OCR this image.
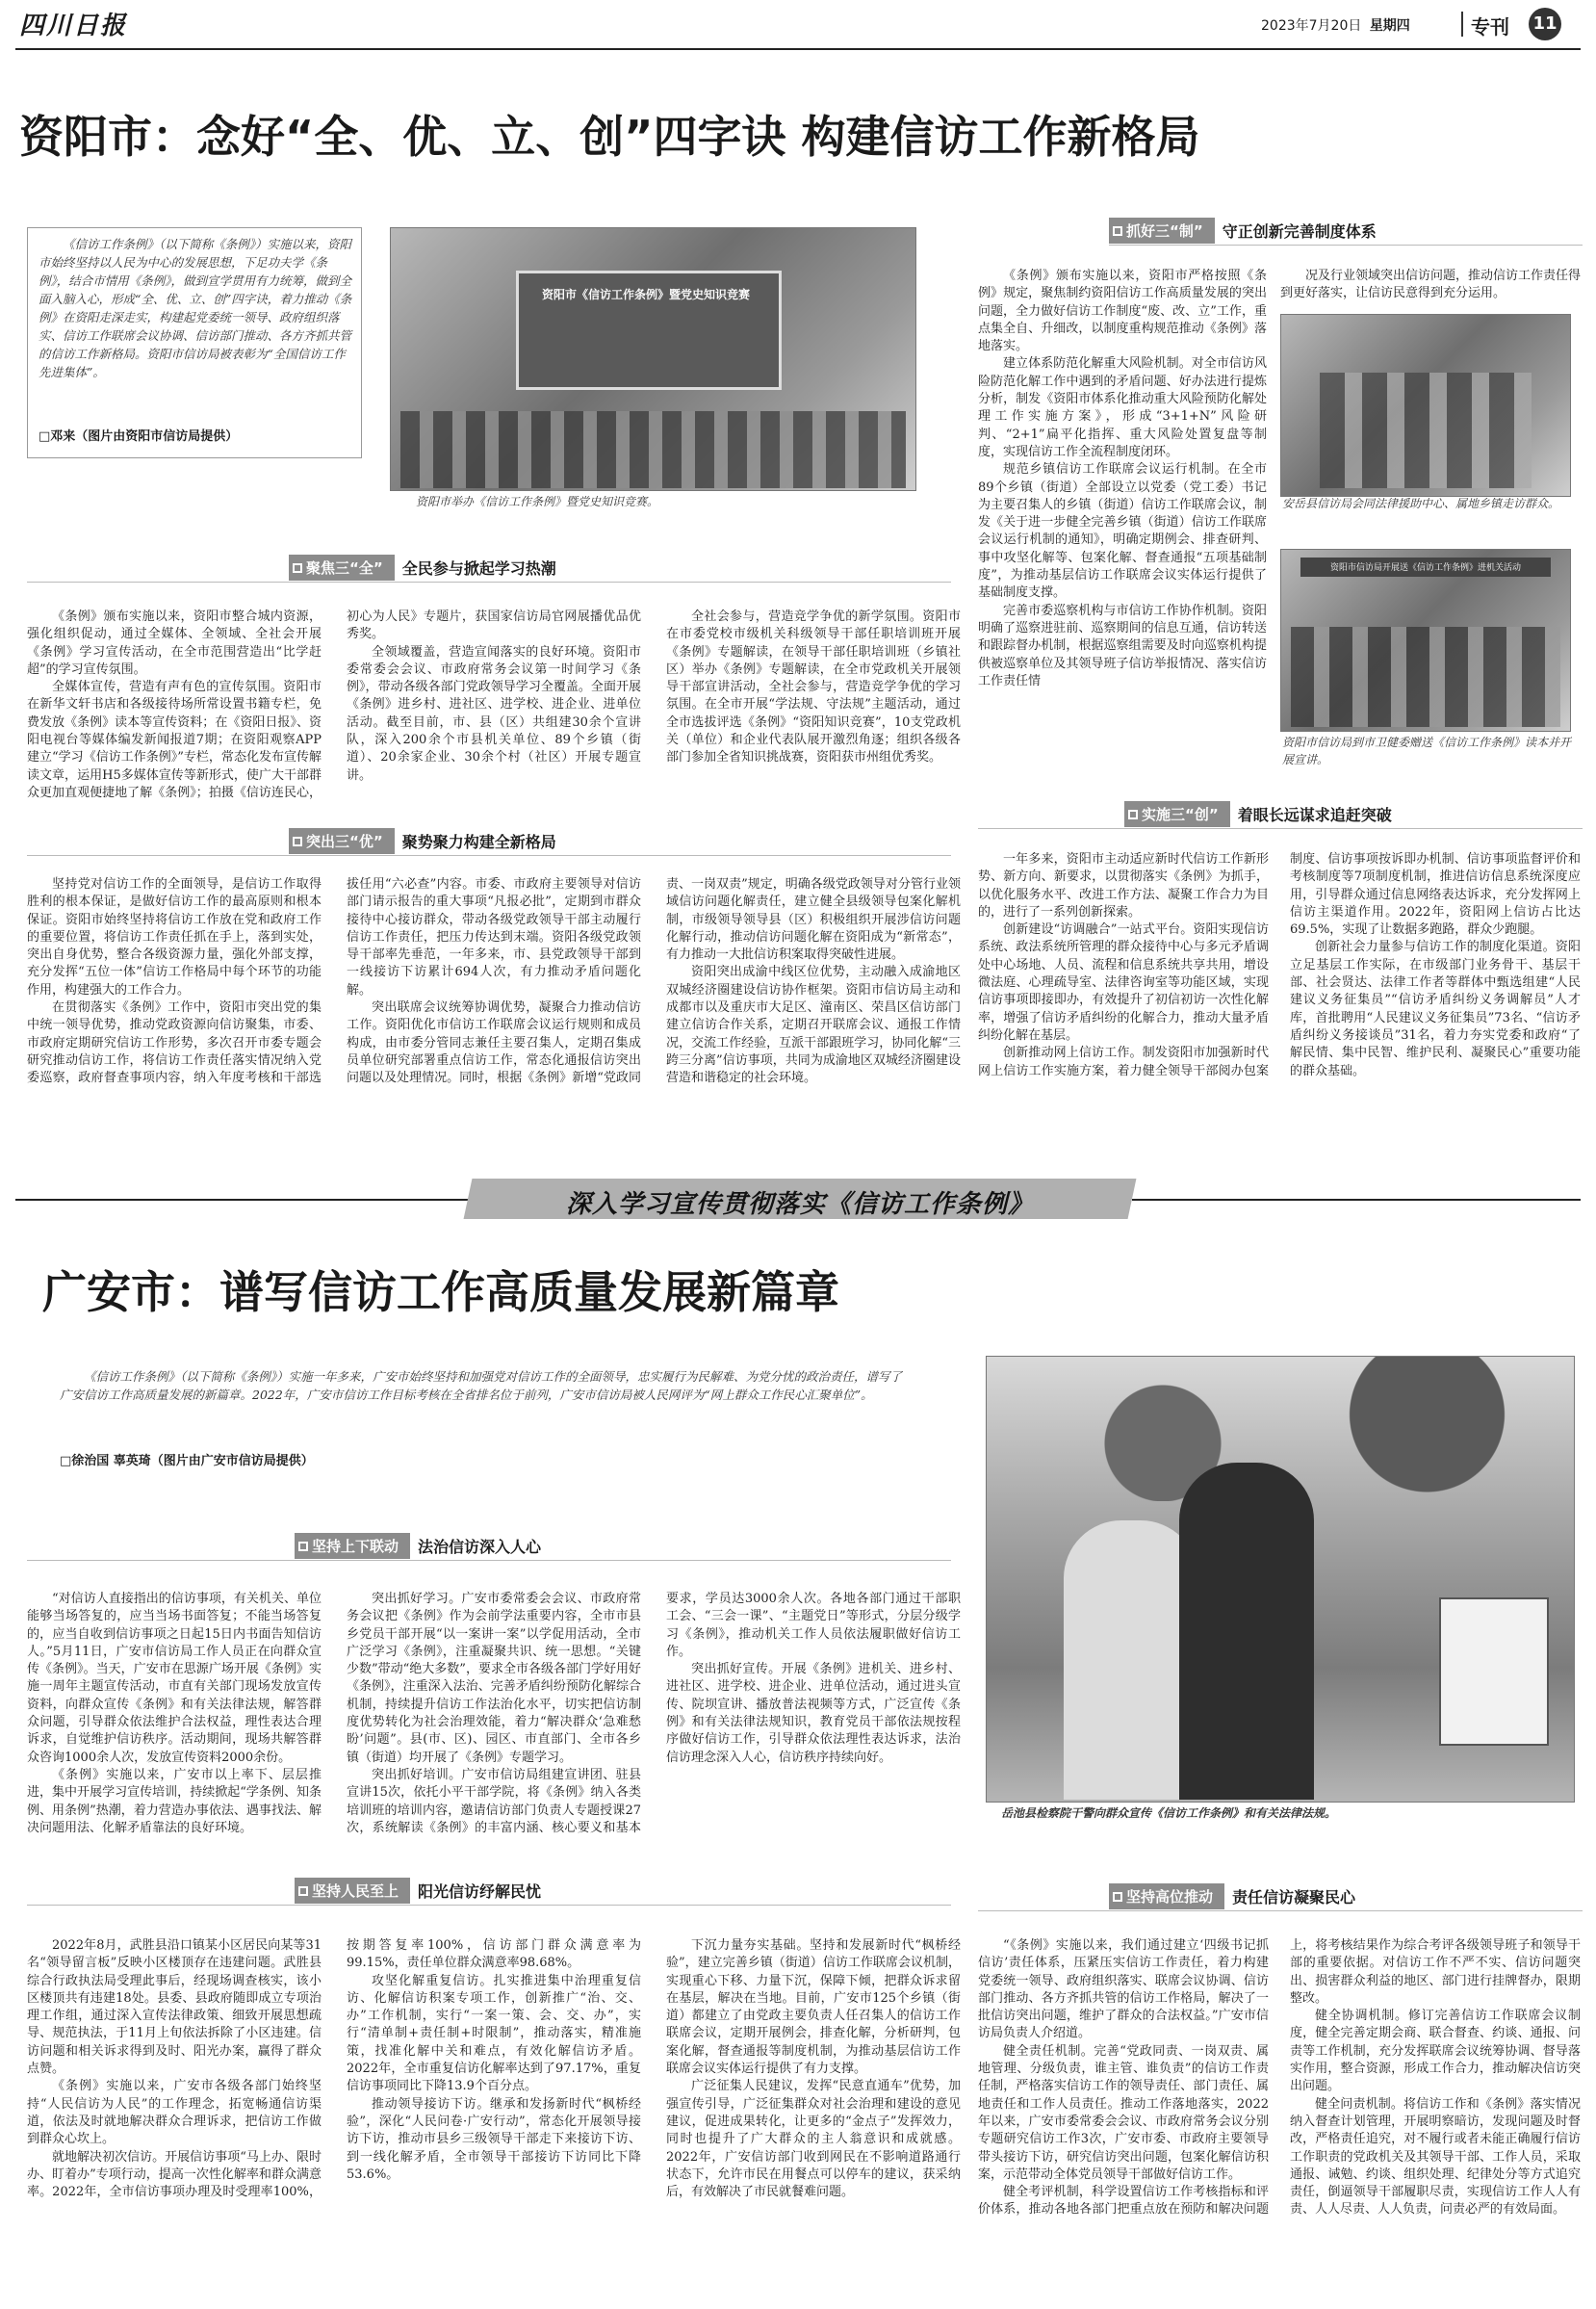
四川日报	2023年7月20日 星期四	专刊 11
资阳市：念好“全、优、立、创”四字诀 构建信访工作新格局

《信访工作条例》（以下简称《条例》）实施以来，资阳市始终坚持以人民为中心的发展思想，下足功夫学《条例》，结合市情用《条例》，做到宣学贯用有力统筹，做到全面入脑入心，形成“全、优、立、创”四字诀，着力推动《条例》在资阳走深走实，构建起党委统一领导、政府组织落实、信访工作联席会议协调、信访部门推动、各方齐抓共管的信访工作新格局。资阳市信访局被表彰为“全国信访工作先进集体”。

□邓来（图片由资阳市信访局提供）
资阳市《信访工作条例》暨党史知识竞赛
资阳市举办《信访工作条例》暨党史知识竞赛。
抓好三“制”	守正创新完善制度体系

《条例》颁布实施以来，资阳市严格按照《条例》规定，聚焦制约资阳信访工作高质量发展的突出问题，全力做好信访工作制度“废、改、立”工作，重点集全自、升细改，以制度重构规范推动《条例》落地落实。

建立体系防范化解重大风险机制。对全市信访风险防范化解工作中遇到的矛盾问题、好办法进行提炼分析，制发《资阳市体系化推动重大风险预防化解处理工作实施方案》，形成“3+1+N”风险研判、“2+1”扁平化指挥、重大风险处置复盘等制度，实现信访工作全流程制度闭环。

规范乡镇信访工作联席会议运行机制。在全市89个乡镇（街道）全部设立以党委（党工委）书记为主要召集人的乡镇（街道）信访工作联席会议，制发《关于进一步健全完善乡镇（街道）信访工作联席会议运行机制的通知》，明确定期例会、排查研判、事中攻坚化解等、包案化解、督查通报“五项基础制度”，为推动基层信访工作联席会议实体运行提供了基础制度支撑。

完善市委巡察机构与市信访工作协作机制。资阳明确了巡察进驻前、巡察期间的信息互通，信访转送和跟踪督办机制，根据巡察组需要及时向巡察机构提供被巡察单位及其领导班子信访举报情况、落实信访工作责任情

况及行业领域突出信访问题，推动信访工作责任得到更好落实，让信访民意得到充分运用。

安岳县信访局会同法律援助中心、属地乡镇走访群众。
资阳市信访局开展送《信访工作条例》进机关活动
资阳市信访局到市卫健委赠送《信访工作条例》读本并开展宣讲。
聚焦三“全”	全民参与掀起学习热潮

《条例》颁布实施以来，资阳市整合城内资源，强化组织促动，通过全媒体、全领域、全社会开展《条例》学习宣传活动，在全市范围营造出“比学赶超”的学习宣传氛围。

全媒体宣传，营造有声有色的宣传氛围。资阳市在新华文轩书店和各级接待场所常设置书籍专栏，免费发放《条例》读本等宣传资料；在《资阳日报》、资阳电视台等媒体编发新闻报道7期；在资阳观察APP建立“学习《信访工作条例》”专栏，常态化发布宣传解读文章，运用H5多媒体宣传等新形式，使广大干部群众更加直观便捷地了解《条例》；拍摄《信访连民心，初心为人民》专题片，获国家信访局官网展播优品优秀奖。

全领域覆盖，营造宣闻落实的良好环境。资阳市委常委会会议、市政府常务会议第一时间学习《条例》，带动各级各部门党政领导学习全覆盖。全面开展《条例》进乡村、进社区、进学校、进企业、进单位活动。截至目前，市、县（区）共组建30余个宣讲队，深入200余个市县机关单位、89个乡镇（街道）、20余家企业、30余个村（社区）开展专题宣讲。

全社会参与，营造竞学争优的新学氛围。资阳市在市委党校市级机关科级领导干部任职培训班开展《条例》专题解读，在领导干部任职培训班（乡镇社区）举办《条例》专题解读，在全市党政机关开展领导干部宣讲活动，全社会参与，营造竞学争优的学习氛围。在全市开展“学法规、守法规”主题活动，通过全市选拔评选《条例》“资阳知识竞赛”，10支党政机关（单位）和企业代表队展开激烈角逐；组织各级各部门参加全省知识挑战赛，资阳获市州组优秀奖。

突出三“优”	聚势聚力构建全新格局

坚持党对信访工作的全面领导，是信访工作取得胜利的根本保证，是做好信访工作的最高原则和根本保证。资阳市始终坚持将信访工作放在党和政府工作的重要位置，将信访工作责任抓在手上，落到实处，突出自身优势，整合各级资源力量，强化外部支撑，充分发挥“五位一体”信访工作格局中每个环节的功能作用，构建强大的工作合力。

在贯彻落实《条例》工作中，资阳市突出党的集中统一领导优势，推动党政资源向信访聚集，市委、市政府定期研究信访工作形势，多次召开市委专题会研究推动信访工作，将信访工作责任落实情况纳入党委巡察，政府督查事项内容，纳入年度考核和干部选拔任用“六必查”内容。市委、市政府主要领导对信访部门请示报告的重大事项“凡报必批”，定期到市群众接待中心接访群众，带动各级党政领导干部主动履行信访工作责任，把压力传达到末端。资阳各级党政领导干部率先垂范，一年多来，市、县党政领导干部到一线接访下访累计694人次，有力推动矛盾问题化解。

突出联席会议统筹协调优势，凝聚合力推动信访工作。资阳优化市信访工作联席会议运行规则和成员构成，由市委分管同志兼任主要召集人，定期召集成员单位研究部署重点信访工作，常态化通报信访突出问题以及处理情况。同时，根据《条例》新增“党政同责、一岗双责”规定，明确各级党政领导对分管行业领域信访问题化解责任，建立健全县级领导包案化解机制，市级领导领导县（区）积极组织开展涉信访问题化解行动，推动信访问题化解在资阳成为“新常态”，有力推动一大批信访积案取得突破性进展。

资阳突出成渝中线区位优势，主动融入成渝地区双城经济圈建设信访协作框架。资阳市信访局主动和成都市以及重庆市大足区、潼南区、荣昌区信访部门建立信访合作关系，定期召开联席会议、通报工作情况，交流工作经验，互派干部跟班学习，协同化解“三跨三分离”信访事项，共同为成渝地区双城经济圈建设营造和谐稳定的社会环境。

实施三“创”	着眼长远谋求追赶突破

一年多来，资阳市主动适应新时代信访工作新形势、新方向、新要求，以贯彻落实《条例》为抓手，以优化服务水平、改进工作方法、凝聚工作合力为目的，进行了一系列创新探索。

创新建设“访调融合”一站式平台。资阳实现信访系统、政法系统所管理的群众接待中心与多元矛盾调处中心场地、人员、流程和信息系统共享共用，增设微法庭、心理疏导室、法律咨询室等功能区域，实现信访事项即接即办，有效提升了初信初访一次性化解率，增强了信访矛盾纠纷的化解合力，推动大量矛盾纠纷化解在基层。

创新推动网上信访工作。制发资阳市加强新时代网上信访工作实施方案，着力健全领导干部阅办包案制度、信访事项按诉即办机制、信访事项监督评价和考核制度等7项制度机制，推进信访信息系统深度应用，引导群众通过信息网络表达诉求，充分发挥网上信访主渠道作用。2022年，资阳网上信访占比达69.5%，实现了让数据多跑路，群众少跑腿。

创新社会力量参与信访工作的制度化渠道。资阳立足基层工作实际，在市级部门业务骨干、基层干部、社会贤达、法律工作者等群体中甄选组建“人民建议义务征集员”“信访矛盾纠纷义务调解员”人才库，首批聘用“人民建议义务征集员”73名、“信访矛盾纠纷义务接谈员”31名，着力夯实党委和政府“了解民情、集中民智、维护民利、凝聚民心”重要功能的群众基础。

深入学习宣传贯彻落实《信访工作条例》
广安市：谱写信访工作高质量发展新篇章

《信访工作条例》（以下简称《条例》）实施一年多来，广安市始终坚持和加强党对信访工作的全面领导，忠实履行为民解难、为党分忧的政治责任，谱写了广安信访工作高质量发展的新篇章。2022年，广安市信访工作目标考核在全省排名位于前列，广安市信访局被人民网评为“网上群众工作民心汇聚单位”。

□徐治国 辜英琦（图片由广安市信访局提供）
岳池县检察院干警向群众宣传《信访工作条例》和有关法律法规。
坚持上下联动	法治信访深入人心

“对信访人直接指出的信访事项，有关机关、单位能够当场答复的，应当当场书面答复；不能当场答复的，应当自收到信访事项之日起15日内书面告知信访人。”5月11日，广安市信访局工作人员正在向群众宣传《条例》。当天，广安市在思源广场开展《条例》实施一周年主题宣传活动，市直有关部门现场发放宣传资料，向群众宣传《条例》和有关法律法规，解答群众问题，引导群众依法维护合法权益，理性表达合理诉求，自觉维护信访秩序。活动期间，现场共解答群众咨询1000余人次，发放宣传资料2000余份。

《条例》实施以来，广安市以上率下、层层推进，集中开展学习宣传培训，持续掀起“学条例、知条例、用条例”热潮，着力营造办事依法、遇事找法、解决问题用法、化解矛盾靠法的良好环境。

突出抓好学习。广安市委常委会会议、市政府常务会议把《条例》作为会前学法重要内容，全市市县乡党员干部开展“以一案讲一案”以学促用活动，全市广泛学习《条例》，注重凝聚共识、统一思想。“关键少数”带动“绝大多数”，要求全市各级各部门学好用好《条例》，注重深入法治、完善矛盾纠纷预防化解综合机制，持续提升信访工作法治化水平，切实把信访制度优势转化为社会治理效能，着力“解决群众‘急难愁盼’问题”。县(市、区)、园区、市直部门、全市各乡镇（街道）均开展了《条例》专题学习。

突出抓好培训。广安市信访局组建宣讲团、驻县宣讲15次，依托小平干部学院，将《条例》纳入各类培训班的培训内容，邀请信访部门负责人专题授课27次，系统解读《条例》的丰富内涵、核心要义和基本要求，学员达3000余人次。各地各部门通过干部职工会、“三会一课”、“主题党日”等形式，分层分级学习《条例》，推动机关工作人员依法履职做好信访工作。

突出抓好宣传。开展《条例》进机关、进乡村、进社区、进学校、进企业、进单位活动，通过进头宣传、院坝宣讲、播放普法视频等方式，广泛宣传《条例》和有关法律法规知识，教育党员干部依法规按程序做好信访工作，引导群众依法理性表达诉求，法治信访理念深入人心，信访秩序持续向好。

坚持人民至上	阳光信访纾解民忧

2022年8月，武胜县沿口镇某小区居民向某等31名“领导留言板”反映小区楼顶存在违建问题。武胜县综合行政执法局受理此事后，经现场调查核实，该小区楼顶共有违建18处。县委、县政府随即成立专项治理工作组，通过深入宣传法律政策、细致开展思想疏导、规范执法，于11月上旬依法拆除了小区违建。信访问题和相关诉求得到及时、阳光办案，赢得了群众点赞。

《条例》实施以来，广安市各级各部门始终坚持“人民信访为人民”的工作理念，拓宽畅通信访渠道，依法及时就地解决群众合理诉求，把信访工作做到群众心坎上。

就地解决初次信访。开展信访事项“马上办、限时办、盯着办”专项行动，提高一次性化解率和群众满意率。2022年，全市信访事项办理及时受理率100%，按期答复率100%，信访部门群众满意率为99.15%，责任单位群众满意率98.68%。

攻坚化解重复信访。扎实推进集中治理重复信访、化解信访积案专项工作，创新推广“治、交、办”工作机制，实行“一案一策、会、交、办”，实行“清单制+责任制+时限制”，推动落实，精准施策，找准化解中关和难点，有效化解信访矛盾。2022年，全市重复信访化解率达到了97.17%，重复信访事项同比下降13.9个百分点。

推动领导接访下访。继承和发扬新时代“枫桥经验”，深化“人民问卷·广安行动”，常态化开展领导接访下访，推动市县乡三级领导干部走下来接访下访、到一线化解矛盾，全市领导干部接访下访同比下降53.6%。

下沉力量夯实基础。坚持和发展新时代“枫桥经验”，建立完善乡镇（街道）信访工作联席会议机制，实现重心下移、力量下沉，保障下倾，把群众诉求留在基层，解决在当地。目前，广安市125个乡镇（街道）都建立了由党政主要负责人任召集人的信访工作联席会议，定期开展例会，排查化解，分析研判，包案化解，督查通报等制度机制，为推动基层信访工作联席会议实体运行提供了有力支撑。

广泛征集人民建议，发挥“民意直通车”优势，加强宣传引导，广泛征集群众对社会治理和建设的意见建议，促进成果转化，让更多的“金点子”发挥效力，同时也提升了广大群众的主人翁意识和成就感。2022年，广安信访部门收到网民在不影响道路通行状态下，允许市民在用餐点可以停车的建议，获采纳后，有效解决了市民就餐难问题。

坚持高位推动	责任信访凝聚民心

“《条例》实施以来，我们通过建立‘四级书记抓信访’责任体系，压紧压实信访工作责任，着力构建党委统一领导、政府组织落实、联席会议协调、信访部门推动、各方齐抓共管的信访工作格局，解决了一批信访突出问题，维护了群众的合法权益。”广安市信访局负责人介绍道。

健全责任机制。完善“党政同责、一岗双责、属地管理、分级负责，谁主管、谁负责”的信访工作责任制，严格落实信访工作的领导责任、部门责任、属地责任和工作人员责任。推动工作落地落实，2022年以来，广安市委常委会会议、市政府常务会议分别专题研究信访工作3次，广安市委、市政府主要领导带头接访下访，研究信访突出问题，包案化解信访积案，示范带动全体党员领导干部做好信访工作。

健全考评机制，科学设置信访工作考核指标和评价体系，推动各地各部门把重点放在预防和解决问题上，将考核结果作为综合考评各级领导班子和领导干部的重要依据。对信访工作不严不实、信访问题突出、损害群众利益的地区、部门进行挂牌督办，限期整改。

健全协调机制。修订完善信访工作联席会议制度，健全完善定期会商、联合督查、约谈、通报、问责等工作机制，充分发挥联席会议统筹协调、督导落实作用，整合资源，形成工作合力，推动解决信访突出问题。

健全问责机制。将信访工作和《条例》落实情况纳入督查计划管理，开展明察暗访，发现问题及时督改，严格责任追究，对不履行或者未能正确履行信访工作职责的党政机关及其领导干部、工作人员，采取通报、诫勉、约谈、组织处理、纪律处分等方式追究责任，倒逼领导干部履职尽责，实现信访工作人人有责、人人尽责、人人负责，问责必严的有效局面。
